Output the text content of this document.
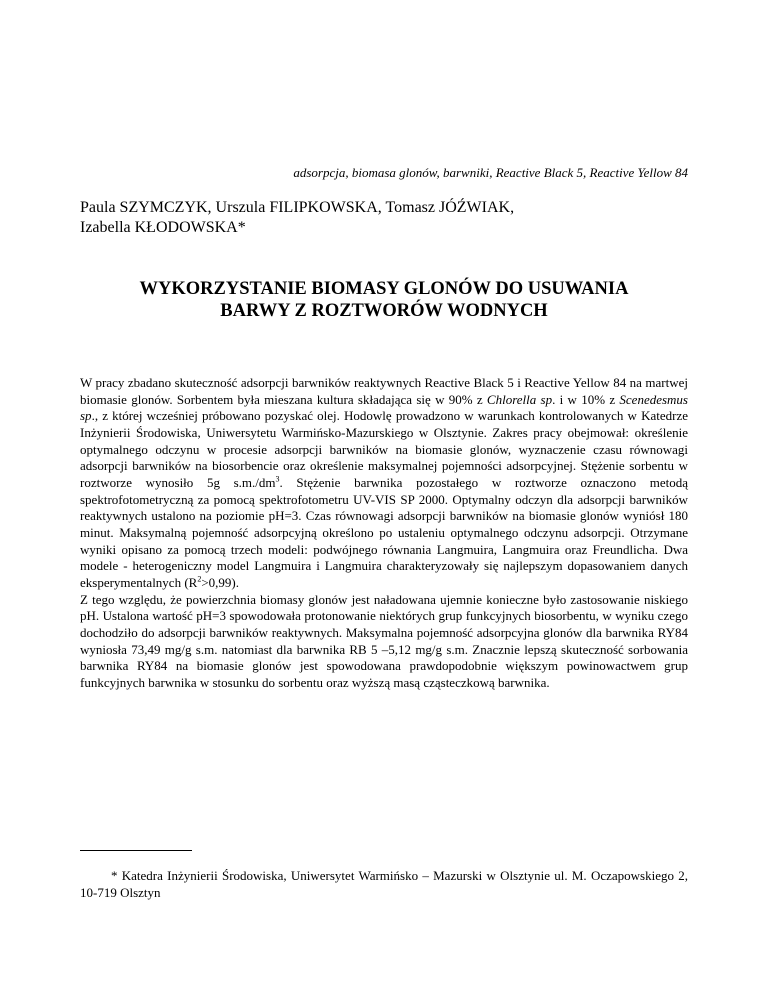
adsorpcja, biomasa glonów, barwniki, Reactive Black 5, Reactive Yellow 84
Paula SZYMCZYK, Urszula FILIPKOWSKA, Tomasz JÓŹWIAK,
Izabella KŁODOWSKA*
WYKORZYSTANIE BIOMASY GLONÓW DO USUWANIA
BARWY Z ROZTWORÓW WODNYCH

W pracy zbadano skuteczność adsorpcji barwników reaktywnych Reactive Black 5 i Reactive Yellow 84 na martwej biomasie glonów. Sorbentem była mieszana kultura składająca się w 90% z Chlorella sp. i w 10% z Scenedesmus sp., z której wcześniej próbowano pozyskać olej. Hodowlę prowadzono w warunkach kontrolowanych w Katedrze Inżynierii Środowiska, Uniwersytetu Warmińsko-Mazurskiego w Olsztynie. Zakres pracy obejmował: określenie optymalnego odczynu w procesie adsorpcji barwników na biomasie glonów, wyznaczenie czasu równowagi adsorpcji barwników na biosorbencie oraz określenie maksymalnej pojemności adsorpcyjnej. Stężenie sorbentu w roztworze wynosiło 5g $s.m./dm^3$. Stężenie barwnika pozostałego w roztworze oznaczono metodą spektrofotometryczną za pomocą spektrofotometru UV-VIS SP 2000. Optymalny odczyn dla adsorpcji barwników reaktywnych ustalono na poziomie pH=3. Czas równowagi adsorpcji barwników na biomasie glonów wyniósł 180 minut. Maksymalną pojemność adsorpcyjną określono po ustaleniu optymalnego odczynu adsorpcji. Otrzymane wyniki opisano za pomocą trzech modeli: podwójnego równania Langmuira, Langmuira oraz Freundlicha. Dwa modele - heterogeniczny model Langmuira i Langmuira charakteryzowały się najlepszym dopasowaniem danych eksperymentalnych $(R^2>0,99)$.

Z tego względu, że powierzchnia biomasy glonów jest naładowana ujemnie konieczne było zastosowanie niskiego pH. Ustalona wartość pH=3 spowodowała protonowanie niektórych grup funkcyjnych biosorbentu, w wyniku czego dochodziło do adsorpcji barwników reaktywnych. Maksymalna pojemność adsorpcyjna glonów dla barwnika RY84 wyniosła 73,49 mg/g s.m. natomiast dla barwnika RB 5 –5,12 mg/g s.m. Znacznie lepszą skuteczność sorbowania barwnika RY84 na biomasie glonów jest spowodowana prawdopodobnie większym powinowactwem grup funkcyjnych barwnika w stosunku do sorbentu oraz wyższą masą cząsteczkową barwnika.

* Katedra Inżynierii Środowiska, Uniwersytet Warmińsko – Mazurski w Olsztynie ul. M. Oczapowskiego 2, 10-719 Olsztyn
